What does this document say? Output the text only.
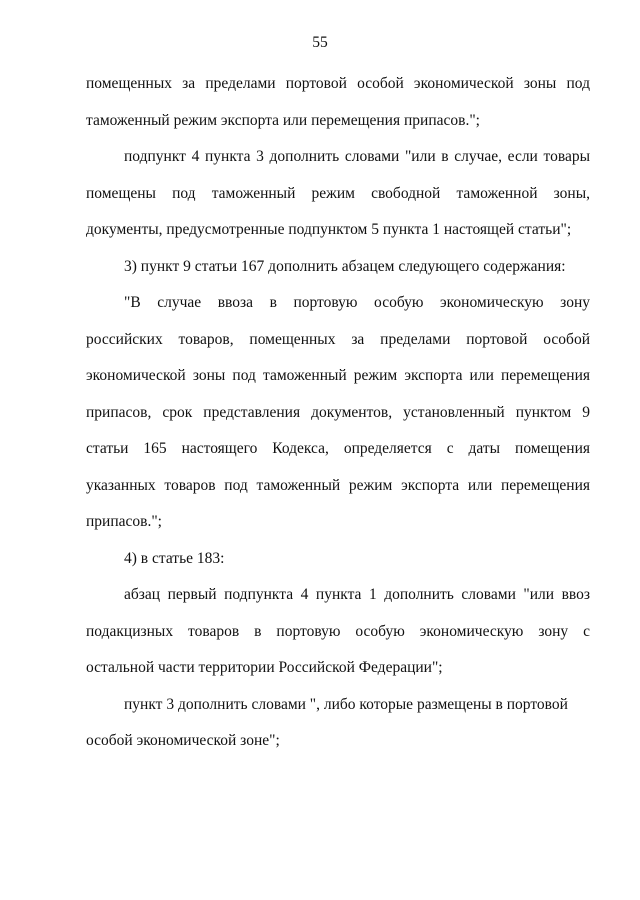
55
помещенных за пределами портовой особой экономической зоны под
таможенный режим экспорта или перемещения припасов.";
подпункт 4 пункта 3 дополнить словами "или в случае, если товары
помещены под таможенный режим свободной таможенной зоны,
документы, предусмотренные подпунктом 5 пункта 1 настоящей статьи";
3) пункт 9 статьи 167 дополнить абзацем следующего содержания:
"В случае ввоза в портовую особую экономическую зону
российских товаров, помещенных за пределами портовой особой
экономической зоны под таможенный режим экспорта или перемещения
припасов, срок представления документов, установленный пунктом 9
статьи 165 настоящего Кодекса, определяется с даты помещения
указанных товаров под таможенный режим экспорта или перемещения
припасов.";
4) в статье 183:
абзац первый подпункта 4 пункта 1 дополнить словами "или ввоз
подакцизных товаров в портовую особую экономическую зону с
остальной части территории Российской Федерации";
пункт 3 дополнить словами ", либо которые размещены в портовой
особой экономической зоне";
